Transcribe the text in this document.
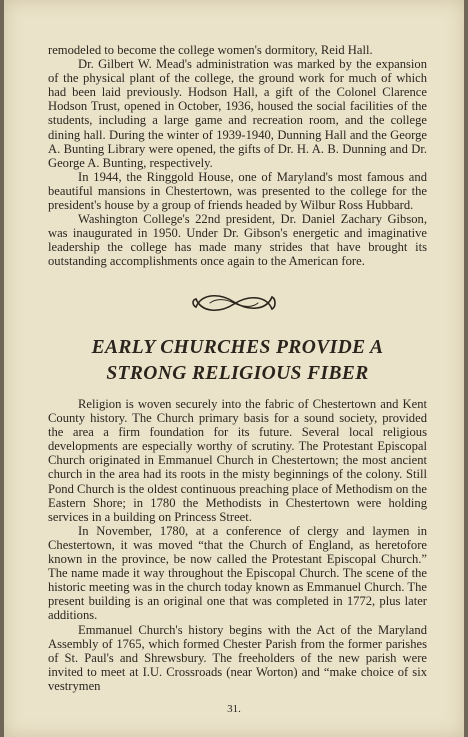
remodeled to become the college women's dormitory, Reid Hall.

Dr. Gilbert W. Mead's administration was marked by the expansion of the physical plant of the college, the ground work for much of which had been laid previously. Hodson Hall, a gift of the Colonel Clarence Hodson Trust, opened in October, 1936, housed the social facilities of the students, including a large game and recreation room, and the college dining hall. During the winter of 1939-1940, Dunning Hall and the George A. Bunting Library were opened, the gifts of Dr. H. A. B. Dunning and Dr. George A. Bunting, respectively.

In 1944, the Ringgold House, one of Maryland's most famous and beautiful mansions in Chestertown, was presented to the college for the president's house by a group of friends headed by Wilbur Ross Hubbard.

Washington College's 22nd president, Dr. Daniel Zachary Gibson, was inaugurated in 1950. Under Dr. Gibson's energetic and imaginative leadership the college has made many strides that have brought its outstanding accomplishments once again to the American fore.

EARLY CHURCHES PROVIDE A
STRONG RELIGIOUS FIBER

Religion is woven securely into the fabric of Chestertown and Kent County history. The Church primary basis for a sound society, provided the area a firm foundation for its future. Several local religious developments are especially worthy of scrutiny. The Protestant Episcopal Church originated in Emmanuel Church in Chestertown; the most ancient church in the area had its roots in the misty beginnings of the colony. Still Pond Church is the oldest continuous preaching place of Methodism on the Eastern Shore; in 1780 the Methodists in Chestertown were holding services in a building on Princess Street.

In November, 1780, at a conference of clergy and laymen in Chestertown, it was moved “that the Church of England, as heretofore known in the province, be now called the Protestant Episcopal Church.” The name made it way throughout the Episcopal Church. The scene of the historic meeting was in the church today known as Emmanuel Church. The present building is an original one that was completed in 1772, plus later additions.

Emmanuel Church's history begins with the Act of the Maryland Assembly of 1765, which formed Chester Parish from the former parishes of St. Paul's and Shrewsbury. The freeholders of the new parish were invited to meet at I.U. Crossroads (near Worton) and “make choice of six vestrymen

31.
